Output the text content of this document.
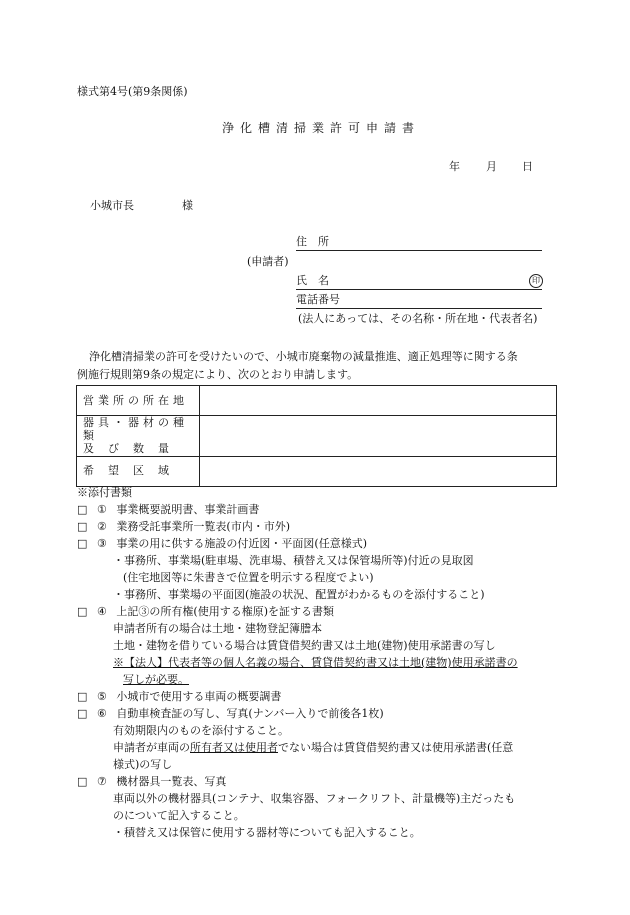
様式第4号(第9条関係)
浄化槽清掃業許可申請書
年 月 日
小城市長	様
住　所
(申請者)
氏　名	印
電話番号
(法人にあっては、その名称・所在地・代表者名)
浄化槽清掃業の許可を受けたいので、小城市廃棄物の減量推進、適正処理等に関する条
例施行規則第9条の規定により、次のとおり申請します。
営業所の所在地	

器具・器材の種類
及び数量	

希望区域	
※添付書類
□ ① 事業概要説明書、事業計画書
□ ② 業務受託事業所一覧表(市内・市外)
□ ③ 事業の用に供する施設の付近図・平面図(任意様式)
・事務所、事業場(駐車場、洗車場、積替え又は保管場所等)付近の見取図
(住宅地図等に朱書きで位置を明示する程度でよい)
・事務所、事業場の平面図(施設の状況、配置がわかるものを添付すること)
□ ④ 上記③の所有権(使用する権原)を証する書類
申請者所有の場合は土地・建物登記簿謄本
土地・建物を借りている場合は賃貸借契約書又は土地(建物)使用承諾書の写し
※【法人】代表者等の個人名義の場合、賃貸借契約書又は土地(建物)使用承諾書の
写しが必要。
□ ⑤ 小城市で使用する車両の概要調書
□ ⑥ 自動車検査証の写し、写真(ナンバー入りで前後各1枚)
有効期限内のものを添付すること。
申請者が車両の所有者又は使用者でない場合は賃貸借契約書又は使用承諾書(任意
様式)の写し
□ ⑦ 機材器具一覧表、写真
車両以外の機材器具(コンテナ、収集容器、フォークリフト、計量機等)主だったも
のについて記入すること。
・積替え又は保管に使用する器材等についても記入すること。
